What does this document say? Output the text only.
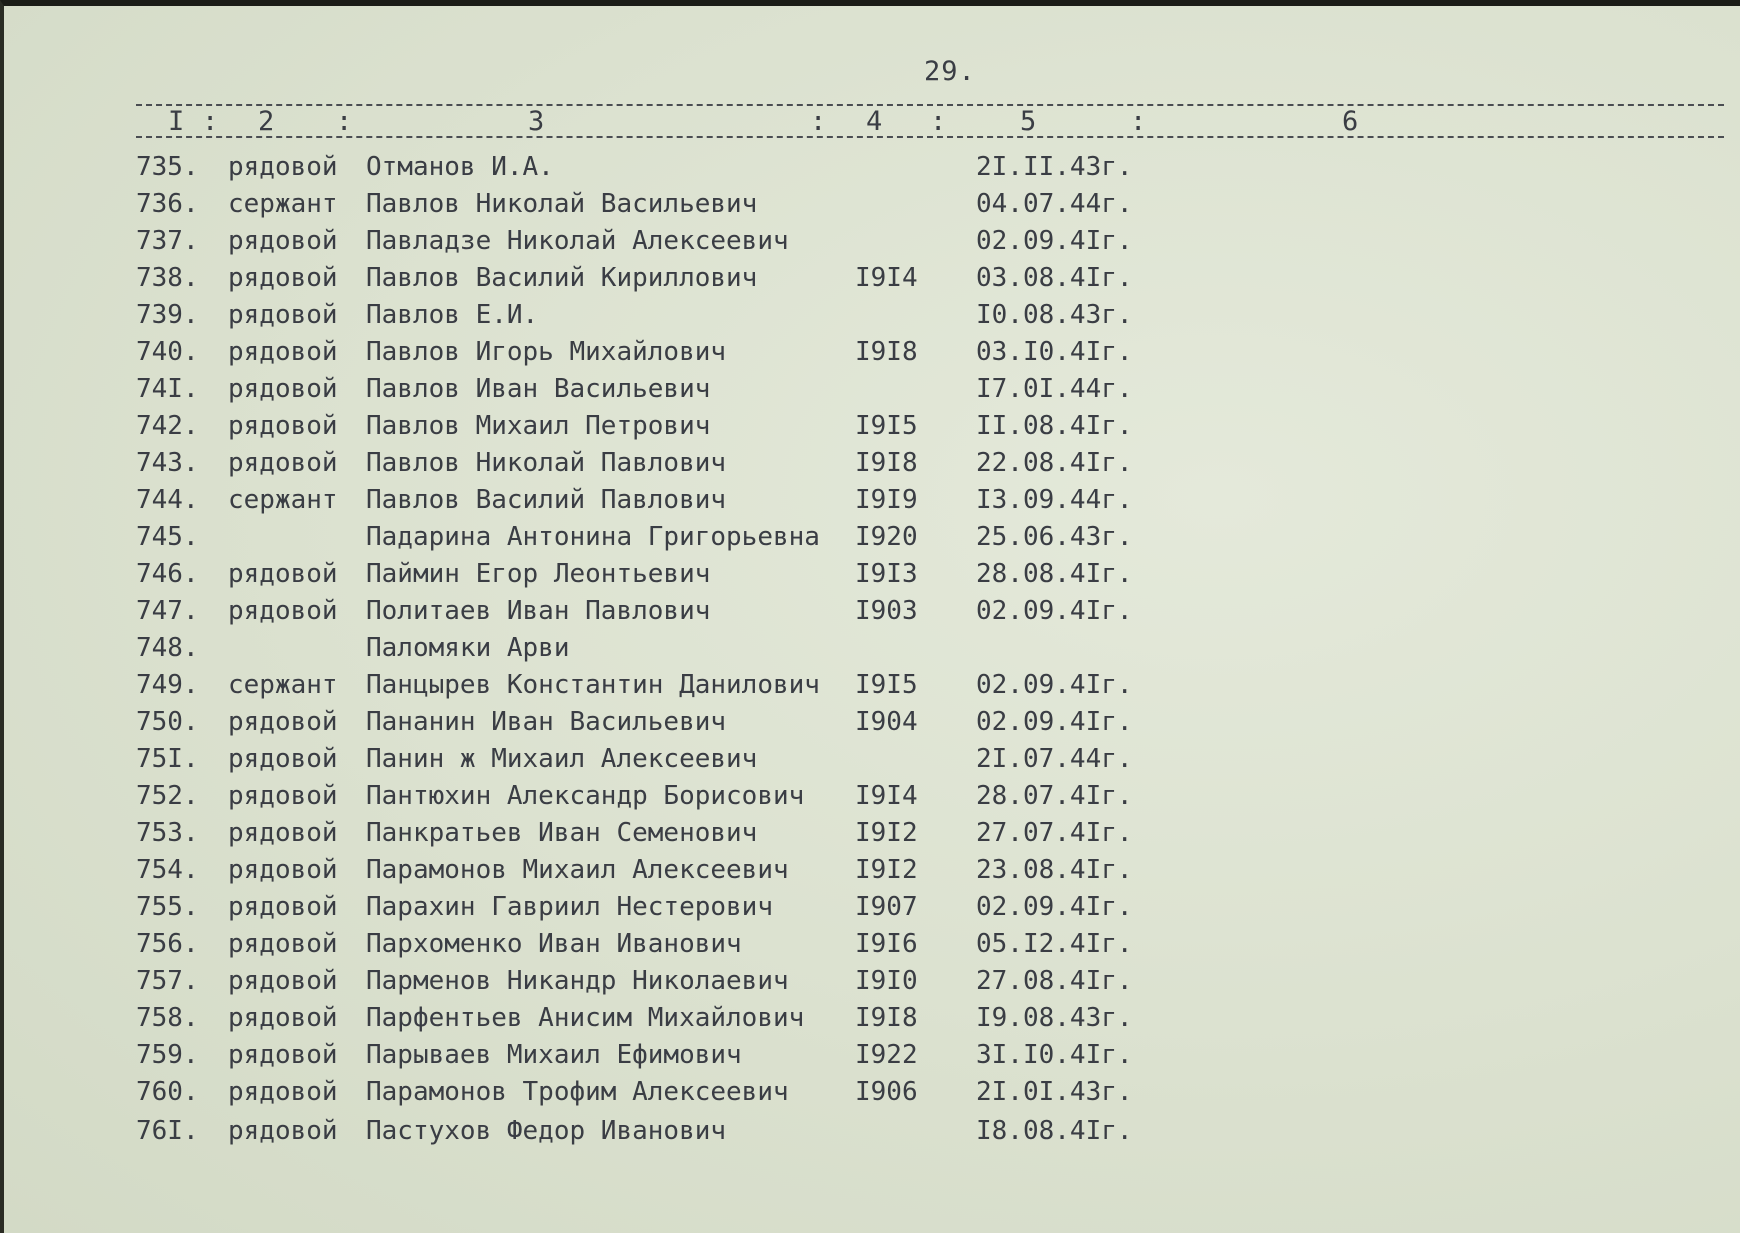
29.
I : 2 :	3	: 4 :	5	:	6
735. рядовой Отманов И.А.	2I.II.43г.
736. сержант Павлов Николай Васильевич	04.07.44г.
737. рядовой Павладзе Николай Алексеевич	02.09.4Iг.
738. рядовой Павлов Василий Кириллович	I9I4 03.08.4Iг.
739. рядовой Павлов Е.И.	I0.08.43г.
740. рядовой Павлов Игорь Михайлович	I9I8 03.I0.4Iг.
74I. рядовой Павлов Иван Васильевич	I7.0I.44г.
742. рядовой Павлов Михаил Петрович	I9I5 II.08.4Iг.
743. рядовой Павлов Николай Павлович	I9I8 22.08.4Iг.
744. сержант Павлов Василий Павлович	I9I9 I3.09.44г.
745.	Падарина Антонина Григорьевна I920 25.06.43г.
746. рядовой Паймин Егор Леонтьевич	I9I3 28.08.4Iг.
747. рядовой Политаев Иван Павлович	I903 02.09.4Iг.
748.	Паломяки Арви
749. сержант Панцырев Константин Данилович I9I5 02.09.4Iг.
750. рядовой Пананин Иван Васильевич	I904 02.09.4Iг.
75I. рядовой Панин ж Михаил Алексеевич	2I.07.44г.
752. рядовой Пантюхин Александр Борисович I9I4 28.07.4Iг.
753. рядовой Панкратьев Иван Семенович	I9I2 27.07.4Iг.
754. рядовой Парамонов Михаил Алексеевич	I9I2 23.08.4Iг.
755. рядовой Парахин Гавриил Нестерович	I907 02.09.4Iг.
756. рядовой Пархоменко Иван Иванович	I9I6 05.I2.4Iг.
757. рядовой Парменов Никандр Николаевич	I9I0 27.08.4Iг.
758. рядовой Парфентьев Анисим Михайлович I9I8 I9.08.43г.
759. рядовой Парываев Михаил Ефимович	I922 3I.I0.4Iг.
760. рядовой Парамонов Трофим Алексеевич	I906 2I.0I.43г.
76I. рядовой Пастухов Федор Иванович	I8.08.4Iг.
